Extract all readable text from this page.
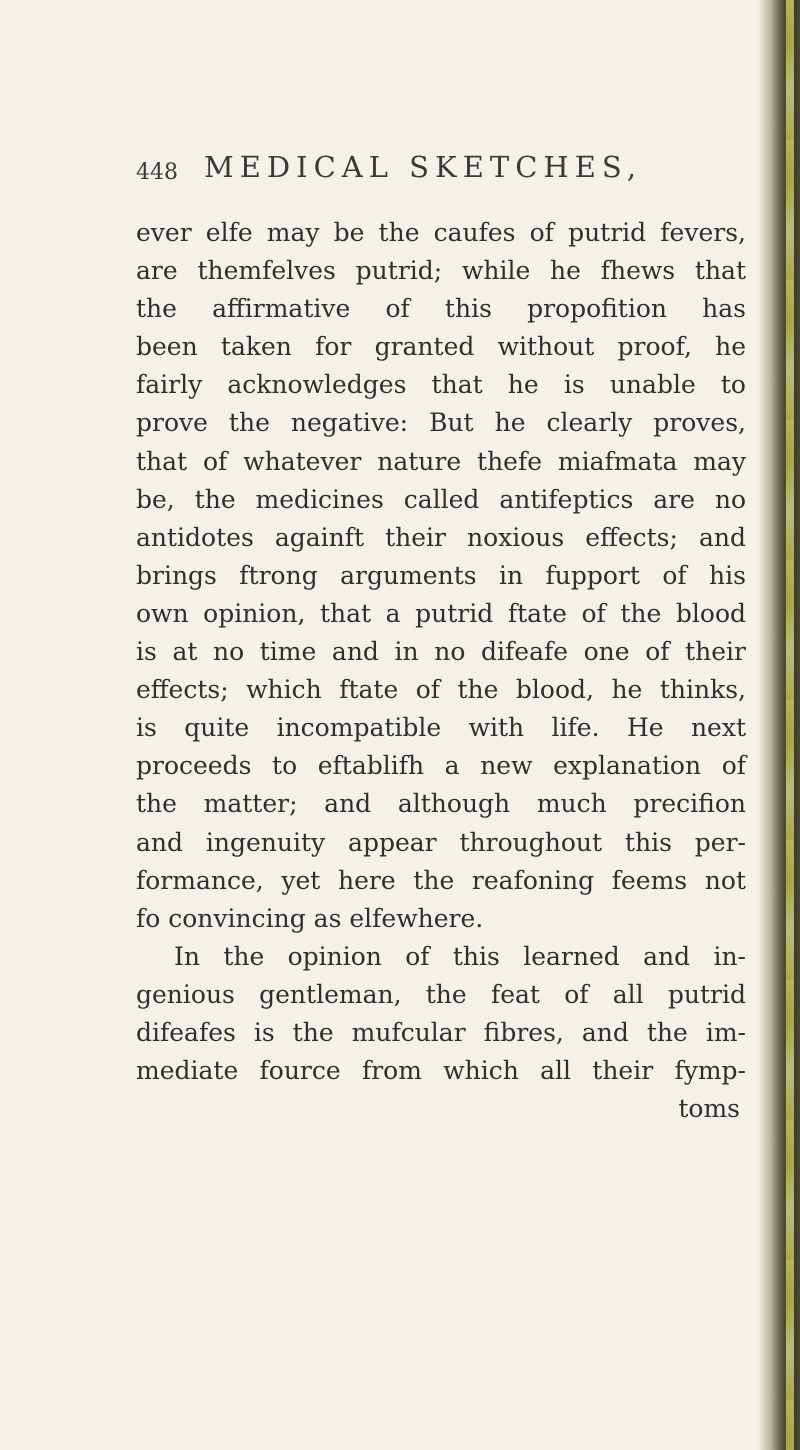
448 MEDICAL SKETCHES,
ever elfe may be the caufes of putrid fevers,
are themfelves putrid; while he fhews that
the affirmative of this propofition has
been taken for granted without proof, he
fairly acknowledges that he is unable to
prove the negative: But he clearly proves,
that of whatever nature thefe miafmata may
be, the medicines called antifeptics are no
antidotes againft their noxious effects; and
brings ftrong arguments in fupport of his
own opinion, that a putrid ftate of the blood
is at no time and in no difeafe one of their
effects; which ftate of the blood, he thinks,
is quite incompatible with life. He next
proceeds to eftablifh a new explanation of
the matter; and although much precifion
and ingenuity appear throughout this per-
formance, yet here the reafoning feems not
fo convincing as elfewhere.
In the opinion of this learned and in-
genious gentleman, the feat of all putrid
difeafes is the mufcular fibres, and the im-
mediate fource from which all their fymp-
toms
